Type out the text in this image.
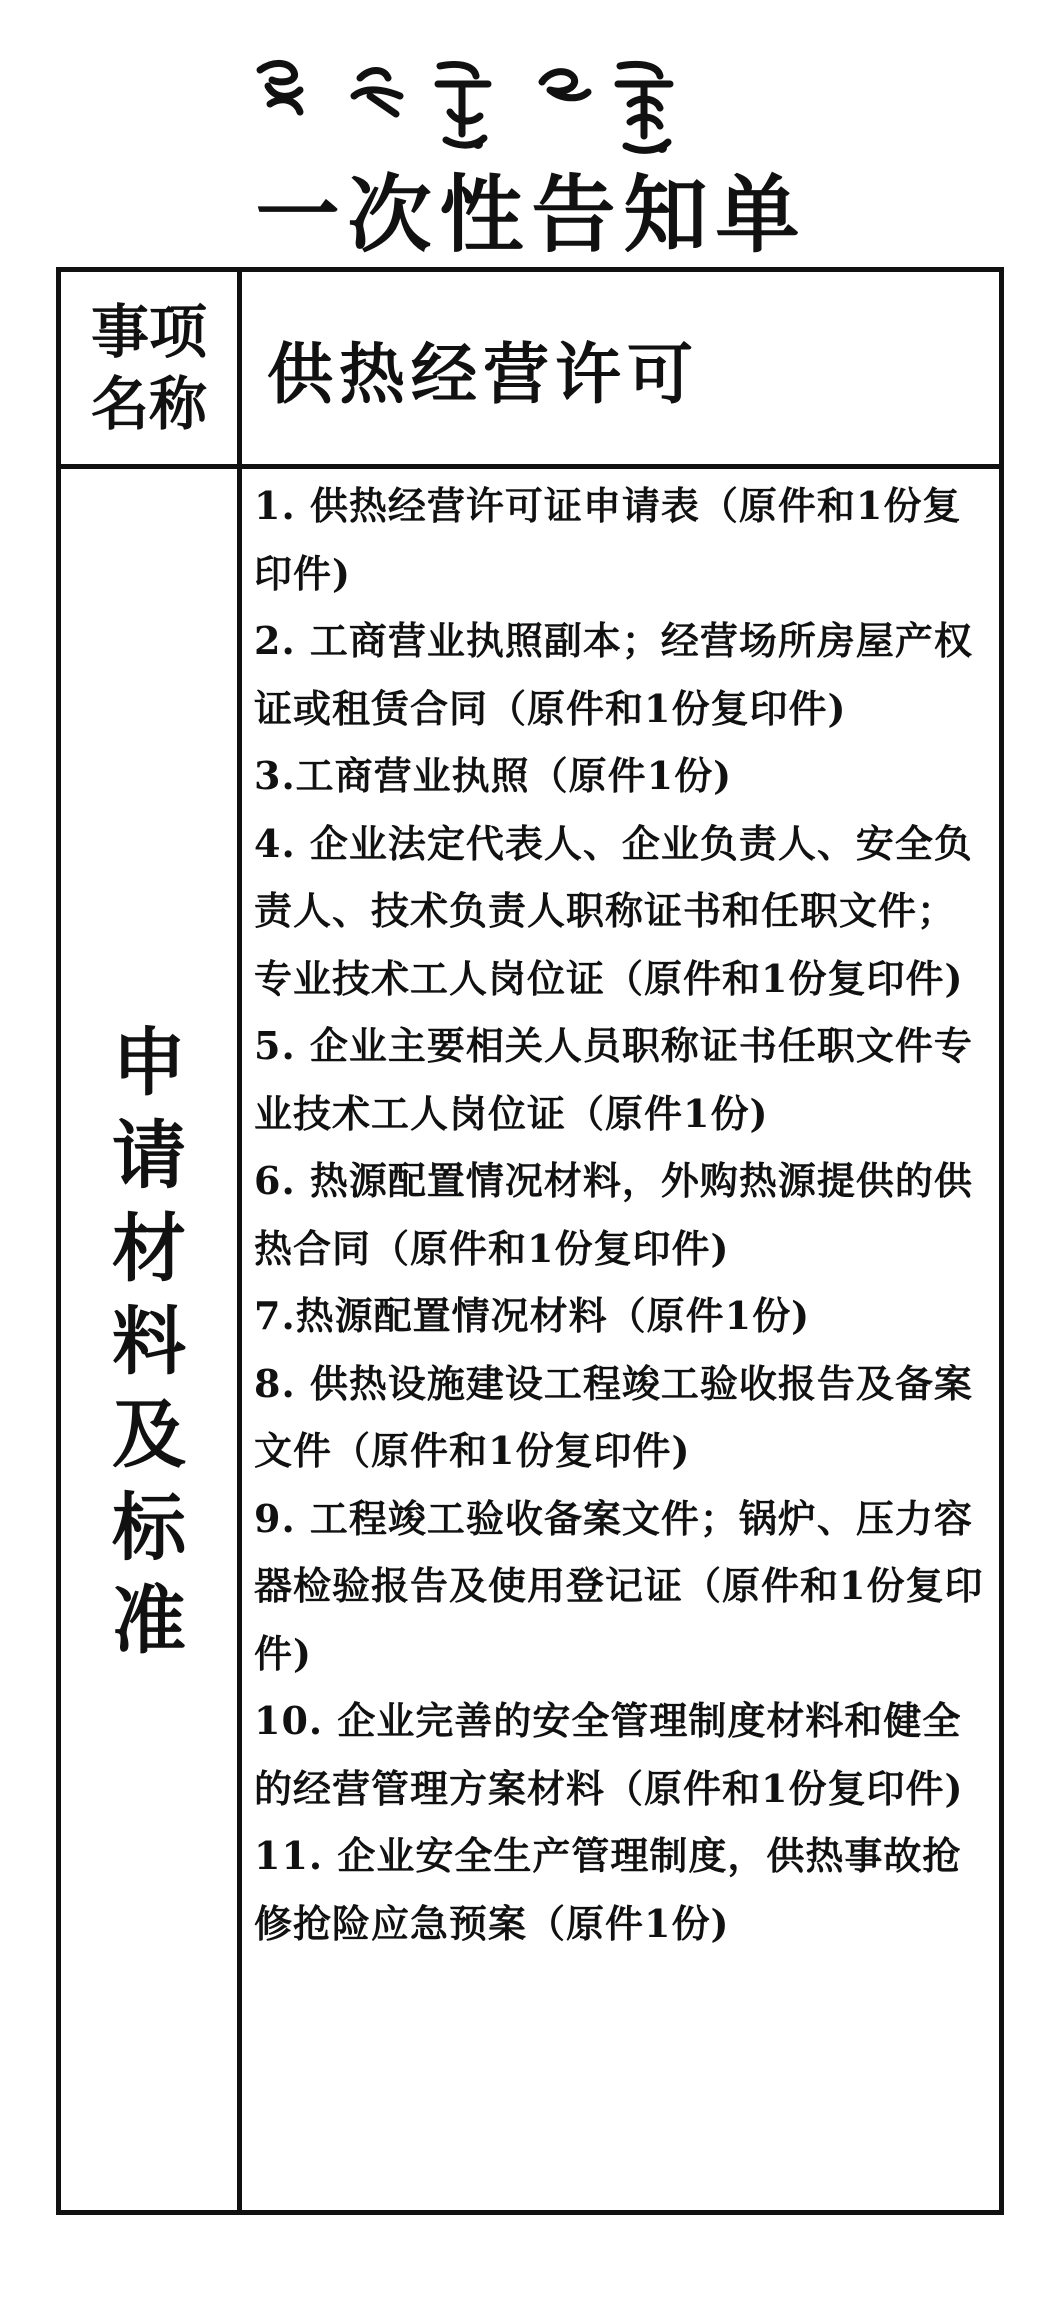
一次性告知单
事项
名称 供热经营许可
申
请
材
料
及
标
准
1. 供热经营许可证申请表（原件和1份复印件)
2. 工商营业执照副本；经营场所房屋产权证或租赁合同（原件和1份复印件)
3.工商营业执照（原件1份)
4. 企业法定代表人、企业负责人、安全负责人、技术负责人职称证书和任职文件；专业技术工人岗位证（原件和1份复印件)
5. 企业主要相关人员职称证书任职文件专业技术工人岗位证（原件1份)
6. 热源配置情况材料，外购热源提供的供热合同（原件和1份复印件)
7.热源配置情况材料（原件1份)
8. 供热设施建设工程竣工验收报告及备案文件（原件和1份复印件)
9. 工程竣工验收备案文件；锅炉、压力容器检验报告及使用登记证（原件和1份复印件)
10. 企业完善的安全管理制度材料和健全的经营管理方案材料（原件和1份复印件)
11. 企业安全生产管理制度，供热事故抢修抢险应急预案（原件1份)
